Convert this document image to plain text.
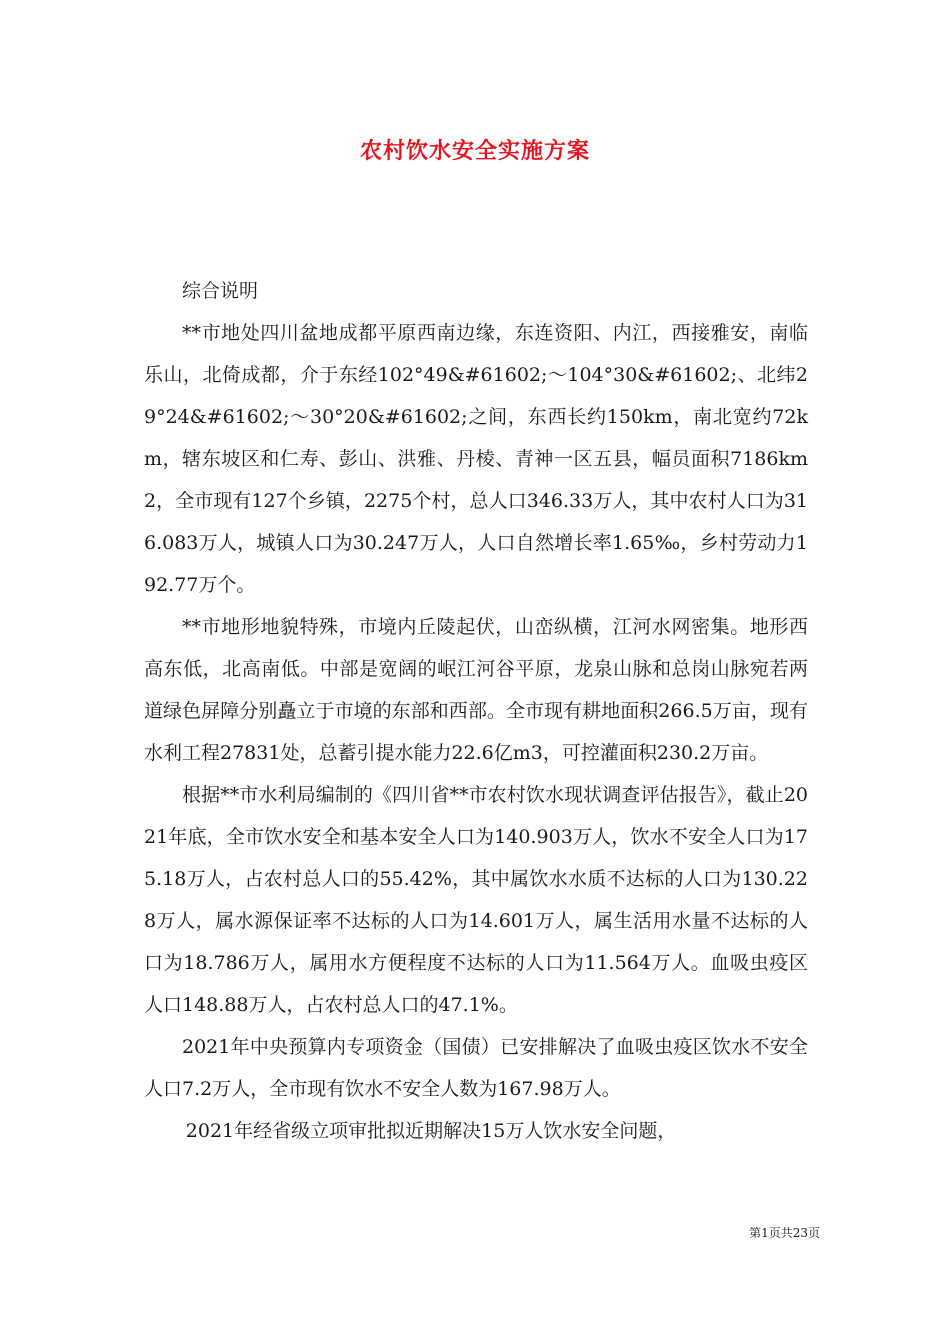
农村饮水安全实施方案

综合说明

**市地处四川盆地成都平原西南边缘，东连资阳、内江，西接雅安，南临乐山，北倚成都，介于东经102°49&#61602;～104°30&#61602;、北纬29°24&#61602;～30°20&#61602;之间，东西长约150km，南北宽约72km，辖东坡区和仁寿、彭山、洪雅、丹棱、青神一区五县，幅员面积7186km2，全市现有127个乡镇，2275个村，总人口346.33万人，其中农村人口为316.083万人，城镇人口为30.247万人，人口自然增长率1.65‰，乡村劳动力192.77万个。

**市地形地貌特殊，市境内丘陵起伏，山峦纵横，江河水网密集。地形西高东低，北高南低。中部是宽阔的岷江河谷平原，龙泉山脉和总岗山脉宛若两道绿色屏障分别矗立于市境的东部和西部。全市现有耕地面积266.5万亩，现有水利工程27831处，总蓄引提水能力22.6亿m3，可控灌面积230.2万亩。

根据**市水利局编制的《四川省**市农村饮水现状调查评估报告》，截止2021年底，全市饮水安全和基本安全人口为140.903万人，饮水不安全人口为175.18万人，占农村总人口的55.42%，其中属饮水水质不达标的人口为130.228万人，属水源保证率不达标的人口为14.601万人，属生活用水量不达标的人口为18.786万人，属用水方便程度不达标的人口为11.564万人。血吸虫疫区人口148.88万人，占农村总人口的47.1%。

2021年中央预算内专项资金（国债）已安排解决了血吸虫疫区饮水不安全人口7.2万人，全市现有饮水不安全人数为167.98万人。

2021年经省级立项审批拟近期解决15万人饮水安全问题，

第1页共23页
